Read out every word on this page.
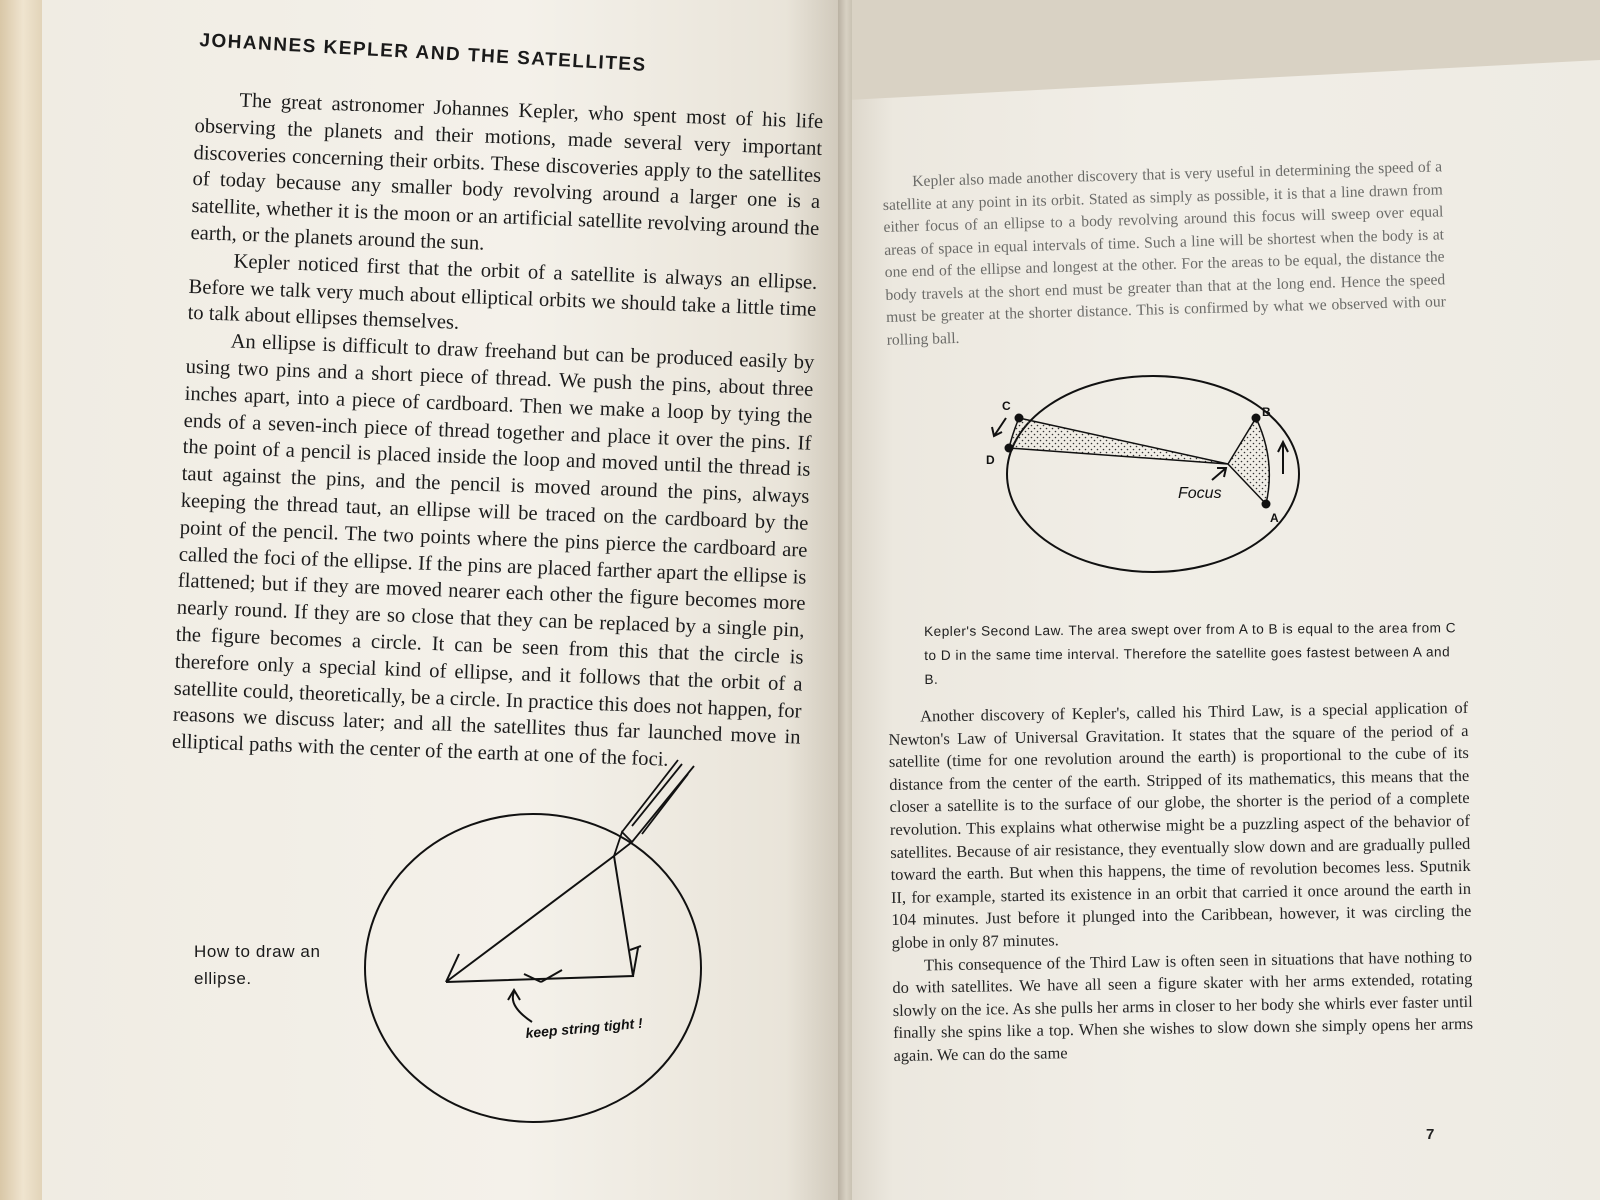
JOHANNES KEPLER AND THE SATELLITES

The great astronomer Johannes Kepler, who spent most of his life observing the planets and their motions, made several very important discoveries concerning their orbits. These discoveries apply to the satellites of today because any smaller body revolving around a larger one is a satellite, whether it is the moon or an artificial satellite revolving around the earth, or the planets around the sun.

Kepler noticed first that the orbit of a satellite is always an ellipse. Before we talk very much about elliptical orbits we should take a little time to talk about ellipses themselves.

An ellipse is difficult to draw freehand but can be produced easily by using two pins and a short piece of thread. We push the pins, about three inches apart, into a piece of cardboard. Then we make a loop by tying the ends of a seven-inch piece of thread together and place it over the pins. If the point of a pencil is placed inside the loop and moved until the thread is taut against the pins, and the pencil is moved around the pins, always keeping the thread taut, an ellipse will be traced on the cardboard by the point of the pencil. The two points where the pins pierce the cardboard are called the foci of the ellipse. If the pins are placed farther apart the ellipse is flattened; but if they are moved nearer each other the figure becomes more nearly round. If they are so close that they can be replaced by a single pin, the figure becomes a circle. It can be seen from this that the circle is therefore only a special kind of ellipse, and it follows that the orbit of a satellite could, theoretically, be a circle. In practice this does not happen, for reasons we discuss later; and all the satellites thus far launched move in elliptical paths with the center of the earth at one of the foci.

keep string tight !
How to draw an ellipse.

Kepler also made another discovery that is very useful in determining the speed of a satellite at any point in its orbit. Stated as simply as possible, it is that a line drawn from either focus of an ellipse to a body revolving around this focus will sweep over equal areas of space in equal intervals of time. Such a line will be shortest when the body is at one end of the ellipse and longest at the other. For the areas to be equal, the distance the body travels at the short end must be greater than that at the long end. Hence the speed must be greater at the shorter distance. This is confirmed by what we observed with our rolling ball.

C
D
B
A
Focus
Kepler's Second Law. The area swept over from A to B is equal to the area from C to D in the same time interval. Therefore the satellite goes fastest between A and B.

Another discovery of Kepler's, called his Third Law, is a special application of Newton's Law of Universal Gravitation. It states that the square of the period of a satellite (time for one revolution around the earth) is proportional to the cube of its distance from the center of the earth. Stripped of its mathematics, this means that the closer a satellite is to the surface of our globe, the shorter is the period of a complete revolution. This explains what otherwise might be a puzzling aspect of the behavior of satellites. Because of air resistance, they eventually slow down and are gradually pulled toward the earth. But when this happens, the time of revolution becomes less. Sputnik II, for example, started its existence in an orbit that carried it once around the earth in 104 minutes. Just before it plunged into the Caribbean, however, it was circling the globe in only 87 minutes.

This consequence of the Third Law is often seen in situations that have nothing to do with satellites. We have all seen a figure skater with her arms extended, rotating slowly on the ice. As she pulls her arms in closer to her body she whirls ever faster until finally she spins like a top. When she wishes to slow down she simply opens her arms again. We can do the same

7
